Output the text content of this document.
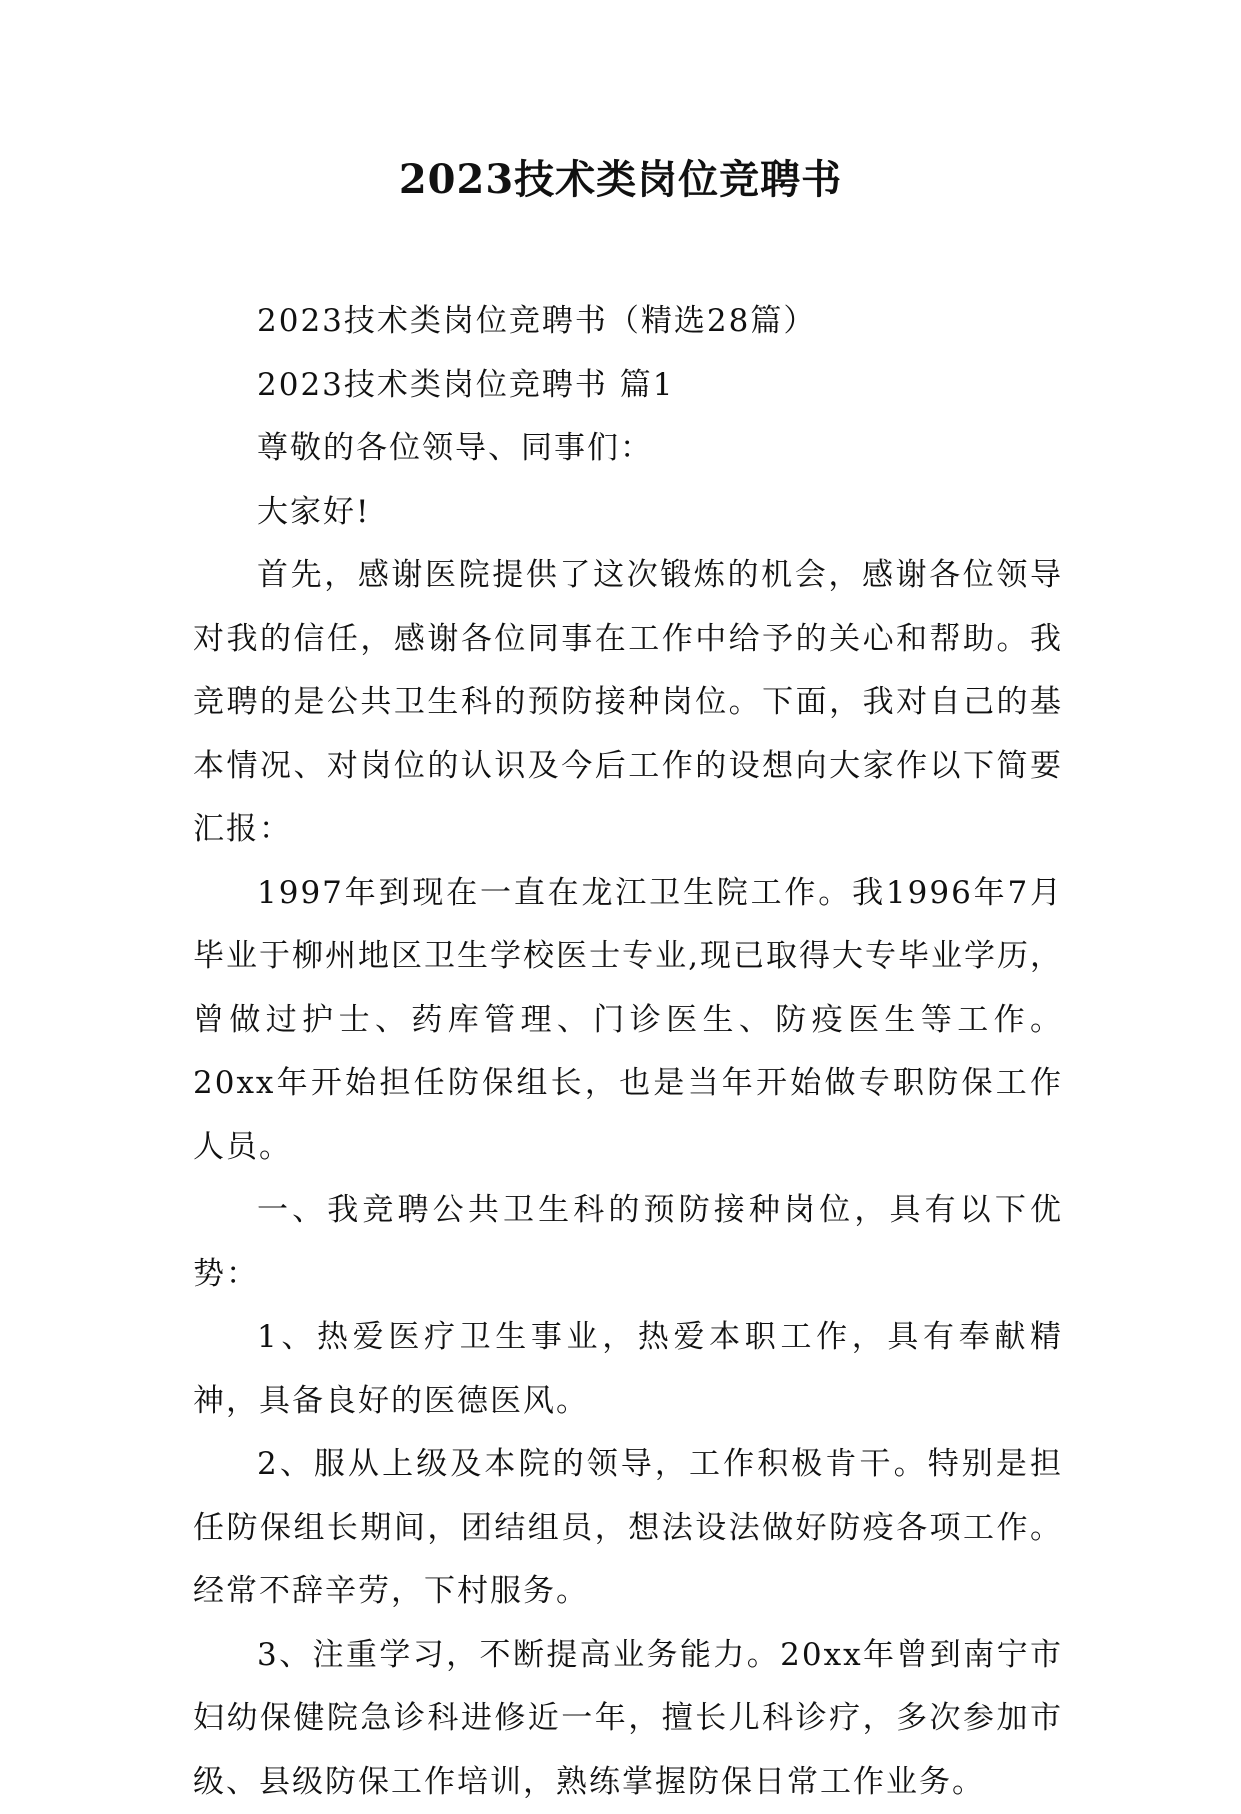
2023技术类岗位竞聘书

2023技术类岗位竞聘书（精选28篇）

2023技术类岗位竞聘书 篇1

尊敬的各位领导、同事们：

大家好!

首先，感谢医院提供了这次锻炼的机会，感谢各位领导对我的信任，感谢各位同事在工作中给予的关心和帮助。我竞聘的是公共卫生科的预防接种岗位。下面，我对自己的基本情况、对岗位的认识及今后工作的设想向大家作以下简要汇报：

1997年到现在一直在龙江卫生院工作。我1996年7月毕业于柳州地区卫生学校医士专业,现已取得大专毕业学历，曾做过护士、药库管理、门诊医生、防疫医生等工作。20xx年开始担任防保组长，也是当年开始做专职防保工作人员。

一、我竞聘公共卫生科的预防接种岗位，具有以下优势：

1、热爱医疗卫生事业，热爱本职工作，具有奉献精神，具备良好的医德医风。

2、服从上级及本院的领导，工作积极肯干。特别是担任防保组长期间，团结组员，想法设法做好防疫各项工作。经常不辞辛劳，下村服务。

3、注重学习，不断提高业务能力。20xx年曾到南宁市妇幼保健院急诊科进修近一年，擅长儿科诊疗，多次参加市级、县级防保工作培训，熟练掌握防保日常工作业务。
